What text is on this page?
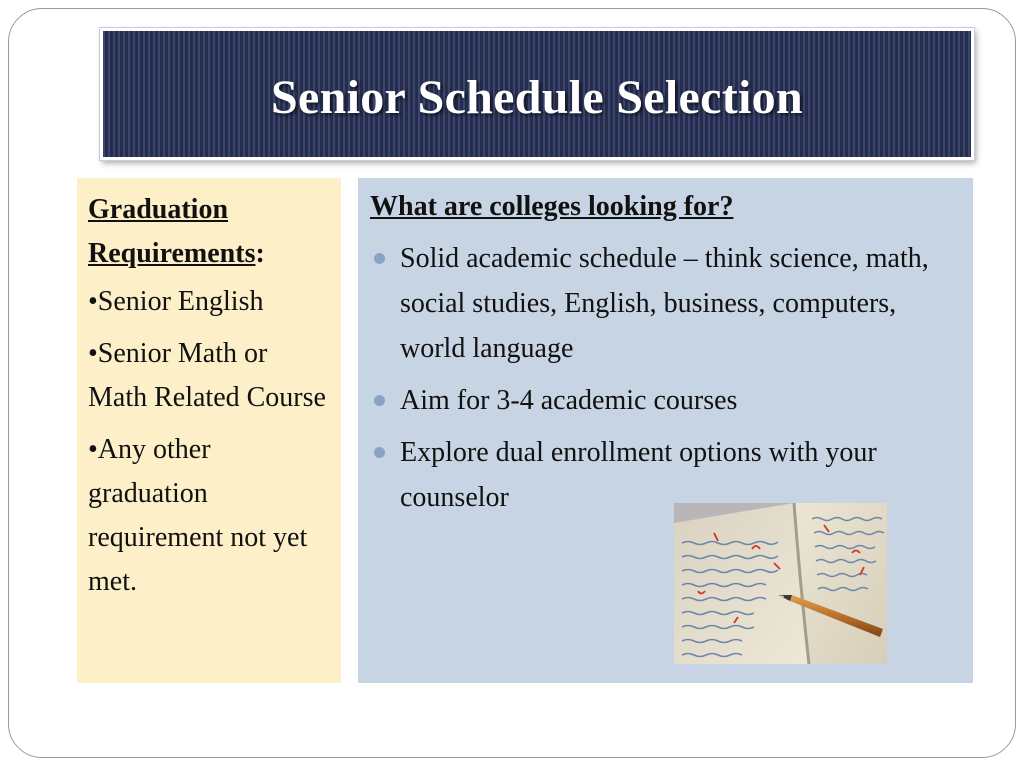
Senior Schedule Selection
Graduation Requirements:
•Senior English
•Senior Math or Math Related Course
•Any other graduation requirement not yet met.
What are colleges looking for?
Solid academic schedule – think science, math, social studies, English, business, computers, world language
Aim for 3-4 academic courses
Explore dual enrollment options with your counselor
